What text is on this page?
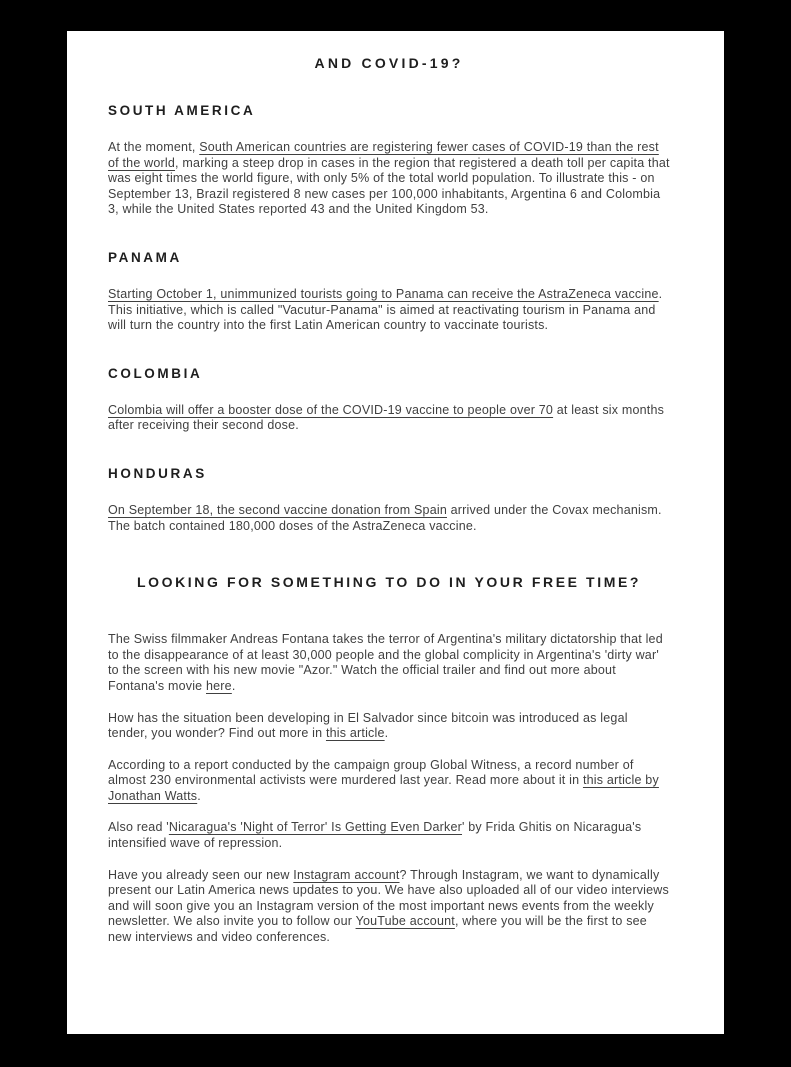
AND COVID-19?
SOUTH AMERICA

At the moment, South American countries are registering fewer cases of COVID-19 than the rest of the world, marking a steep drop in cases in the region that registered a death toll per capita that was eight times the world figure, with only 5% of the total world population. To illustrate this - on September 13, Brazil registered 8 new cases per 100,000 inhabitants, Argentina 6 and Colombia 3, while the United States reported 43 and the United Kingdom 53.

PANAMA

Starting October 1, unimmunized tourists going to Panama can receive the AstraZeneca vaccine. This initiative, which is called "Vacutur-Panama" is aimed at reactivating tourism in Panama and will turn the country into the first Latin American country to vaccinate tourists.

COLOMBIA

Colombia will offer a booster dose of the COVID-19 vaccine to people over 70 at least six months after receiving their second dose.

HONDURAS

On September 18, the second vaccine donation from Spain arrived under the Covax mechanism. The batch contained 180,000 doses of the AstraZeneca vaccine.

LOOKING FOR SOMETHING TO DO IN YOUR FREE TIME?

The Swiss filmmaker Andreas Fontana takes the terror of Argentina's military dictatorship that led to the disappearance of at least 30,000 people and the global complicity in Argentina's 'dirty war' to the screen with his new movie "Azor." Watch the official trailer and find out more about Fontana's movie here.

How has the situation been developing in El Salvador since bitcoin was introduced as legal tender, you wonder? Find out more in this article.

According to a report conducted by the campaign group Global Witness, a record number of almost 230 environmental activists were murdered last year. Read more about it in this article by Jonathan Watts.

Also read 'Nicaragua's 'Night of Terror' Is Getting Even Darker' by Frida Ghitis on Nicaragua's intensified wave of repression.

Have you already seen our new Instagram account? Through Instagram, we want to dynamically present our Latin America news updates to you. We have also uploaded all of our video interviews and will soon give you an Instagram version of the most important news events from the weekly newsletter. We also invite you to follow our YouTube account, where you will be the first to see new interviews and video conferences.
